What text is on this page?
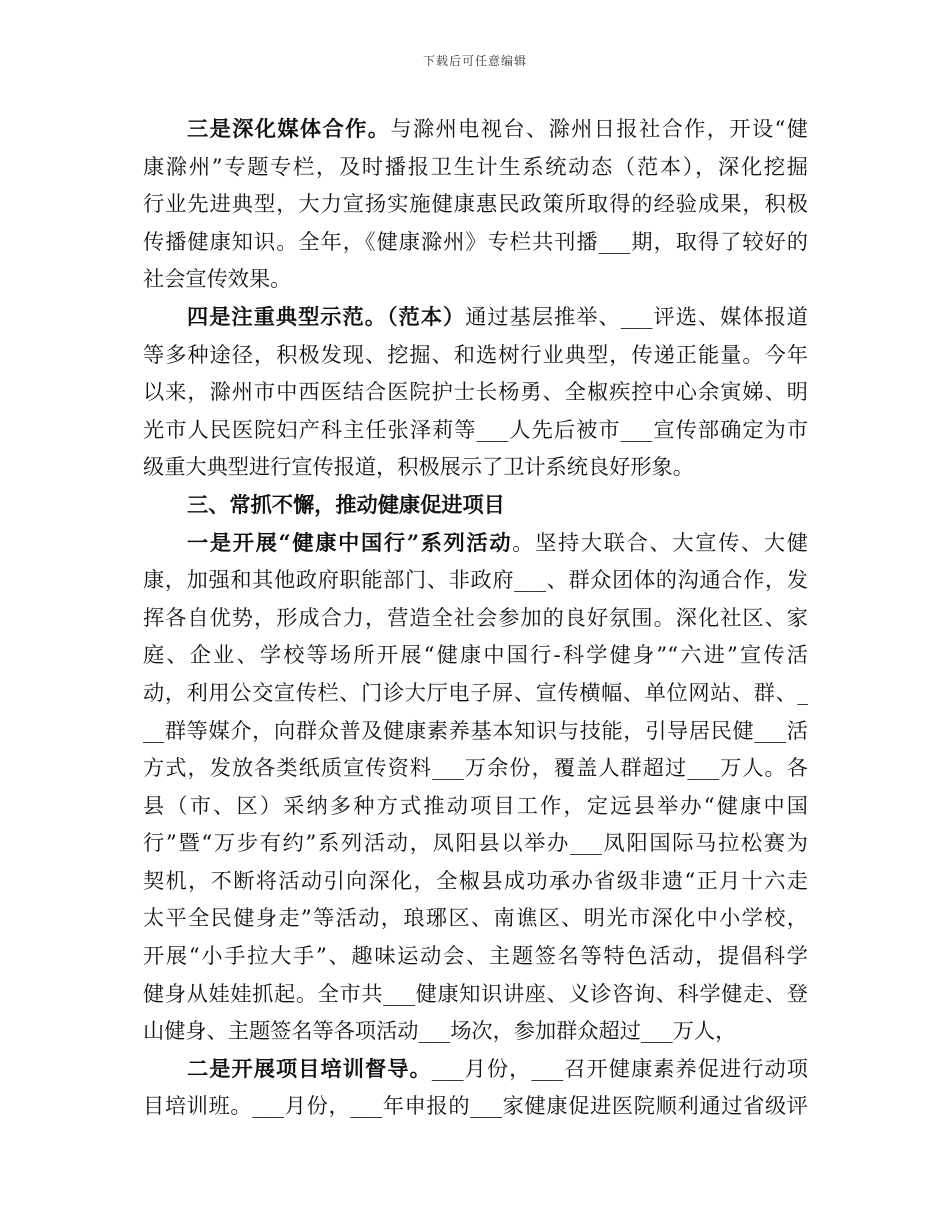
下载后可任意编辑
三是深化媒体合作。与滁州电视台、滁州日报社合作，开设“健
康滁州”专题专栏，及时播报卫生计生系统动态（范本），深化挖掘
行业先进典型，大力宣扬实施健康惠民政策所取得的经验成果，积极
传播健康知识。全年，《健康滁州》专栏共刊播___期，取得了较好的
社会宣传效果。
四是注重典型示范。（范本）通过基层推举、___评选、媒体报道
等多种途径，积极发现、挖掘、和选树行业典型，传递正能量。今年
以来，滁州市中西医结合医院护士长杨勇、全椒疾控中心余寅娣、明
光市人民医院妇产科主任张泽莉等___人先后被市___宣传部确定为市
级重大典型进行宣传报道，积极展示了卫计系统良好形象。
三、常抓不懈，推动健康促进项目
一是开展“健康中国行”系列活动。坚持大联合、大宣传、大健
康，加强和其他政府职能部门、非政府___、群众团体的沟通合作，发
挥各自优势，形成合力，营造全社会参加的良好氛围。深化社区、家
庭、企业、学校等场所开展“健康中国行-科学健身”“六进”宣传活
动，利用公交宣传栏、门诊大厅电子屏、宣传横幅、单位网站、群、_
__群等媒介，向群众普及健康素养基本知识与技能，引导居民健___活
方式，发放各类纸质宣传资料___万余份，覆盖人群超过___万人。各
县（市、区）采纳多种方式推动项目工作，定远县举办“健康中国
行”暨“万步有约”系列活动，凤阳县以举办___凤阳国际马拉松赛为
契机，不断将活动引向深化，全椒县成功承办省级非遗“正月十六走
太平全民健身走”等活动，琅琊区、南谯区、明光市深化中小学校，
开展“小手拉大手”、趣味运动会、主题签名等特色活动，提倡科学
健身从娃娃抓起。全市共___健康知识讲座、义诊咨询、科学健走、登
山健身、主题签名等各项活动___场次，参加群众超过___万人，
二是开展项目培训督导。___月份，___召开健康素养促进行动项
目培训班。___月份，___年申报的___家健康促进医院顺利通过省级评
